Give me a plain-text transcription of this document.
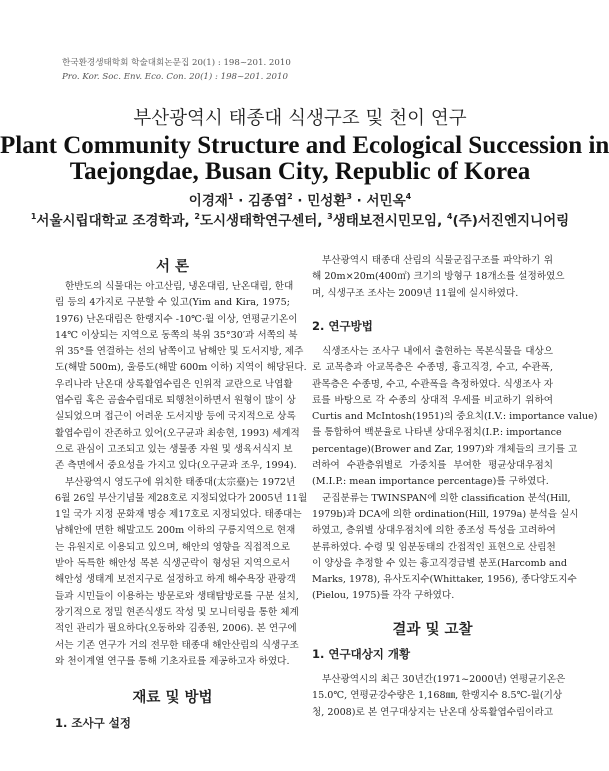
한국환경생태학회 학술대회논문집 20(1) : 198~201. 2010
Pro. Kor. Soc. Env. Eco. Con. 20(1) : 198~201. 2010
부산광역시 태종대 식생구조 및 천이 연구
Plant Community Structure and Ecological Succession in
Taejongdae, Busan City, Republic of Korea
이경재$^1$ · 김종엽$^2$ · 민성환$^3$ · 서민옥$^4$
$^1$서울시립대학교 조경학과, $^2$도시생태학연구센터, $^3$생태보전시민모임, $^4$(주)서진엔지니어링
서 론
한반도의 식물대는 아고산림, 냉온대림, 난온대림, 한대
림 등의 4가지로 구분할 수 있고(Yim and Kira, 1975;
1976) 난온대림은 한랭지수 -10℃·월 이상, 연평균기온이
14℃ 이상되는 지역으로 동쪽의 북위 35°30′과 서쪽의 북
위 35°를 연결하는 선의 남쪽이고 남해안 및 도서지방, 제주
도(해발 500m), 울릉도(해발 600m 이하) 지역이 해당된다.
우리나라 난온대 상록활엽수림은 인위적 교란으로 낙엽활
엽수림 혹은 곰솔수림대로 퇴행천이하면서 원형이 많이 상
실되었으며 접근이 어려운 도서지방 등에 국지적으로 상록
활엽수림이 잔존하고 있어(오구균과 최송현, 1993) 세계적
으로 관심이 고조되고 있는 생물종 자원 및 생육서식지 보
존 측면에서 중요성을 가지고 있다(오구균과 조우, 1994).
부산광역시 영도구에 위치한 태종대(太宗臺)는 1972년
6월 26일 부산기념물 제28호로 지정되었다가 2005년 11월
1일 국가 지정 문화재 명승 제17호로 지정되었다. 태종대는
남해안에 면한 해발고도 200m 이하의 구릉지역으로 현재
는 유원지로 이용되고 있으며, 해안의 영향을 직접적으로
받아 독특한 해안성 목본 식생군락이 형성된 지역으로서
해안성 생태계 보전지구로 설정하고 하계 해수욕장 관광객
들과 시민들이 이용하는 방문로와 생태탐방로를 구분 설치,
장기적으로 정밀 현존식생도 작성 및 모니터링을 통한 체계
적인 관리가 필요하다(오동하와 김종원, 2006). 본 연구에
서는 기존 연구가 거의 전무한 태종대 해안산림의 식생구조
와 천이계열 연구를 통해 기초자료를 제공하고자 하였다.
재료 및 방법
1. 조사구 설정
부산광역시 태종대 산림의 식물군집구조를 파악하기 위
해 20m×20m(400㎡) 크기의 방형구 18개소를 설정하였으
며, 식생구조 조사는 2009년 11월에 실시하였다.
2. 연구방법
식생조사는 조사구 내에서 출현하는 목본식물을 대상으
로 교목층과 아교목층은 수종명, 흉고직경, 수고, 수관폭,
관목층은 수종명, 수고, 수관폭을 측정하였다. 식생조사 자
료를 바탕으로 각 수종의 상대적 우세를 비교하기 위하여
Curtis and McIntosh(1951)의 중요치(I.V.: importance value)
를 통합하여 백분율로 나타낸 상대우점치(I.P.: importance
percentage)(Brower and Zar, 1997)와 개체들의 크기를 고
려하여 수관층위별로 가중치를 부여한 평균상대우점치
(M.I.P.: mean importance percentage)를 구하였다.
군집분류는 TWINSPAN에 의한 classification 분석(Hill,
1979b)과 DCA에 의한 ordination(Hill, 1979a) 분석을 실시
하였고, 층위별 상대우점치에 의한 종조성 특성을 고려하여
분류하였다. 수령 및 임분동태의 간접적인 표현으로 산림천
이 양상을 추정할 수 있는 흉고직경급별 분포(Harcomb and
Marks, 1978), 유사도지수(Whittaker, 1956), 종다양도지수
(Pielou, 1975)를 각각 구하였다.
결과 및 고찰
1. 연구대상지 개황
부산광역시의 최근 30년간(1971~2000년) 연평균기온은
15.0℃, 연평균강수량은 1,168㎜, 한랭지수 8.5℃-월(기상
청, 2008)로 본 연구대상지는 난온대 상록활엽수림이라고
